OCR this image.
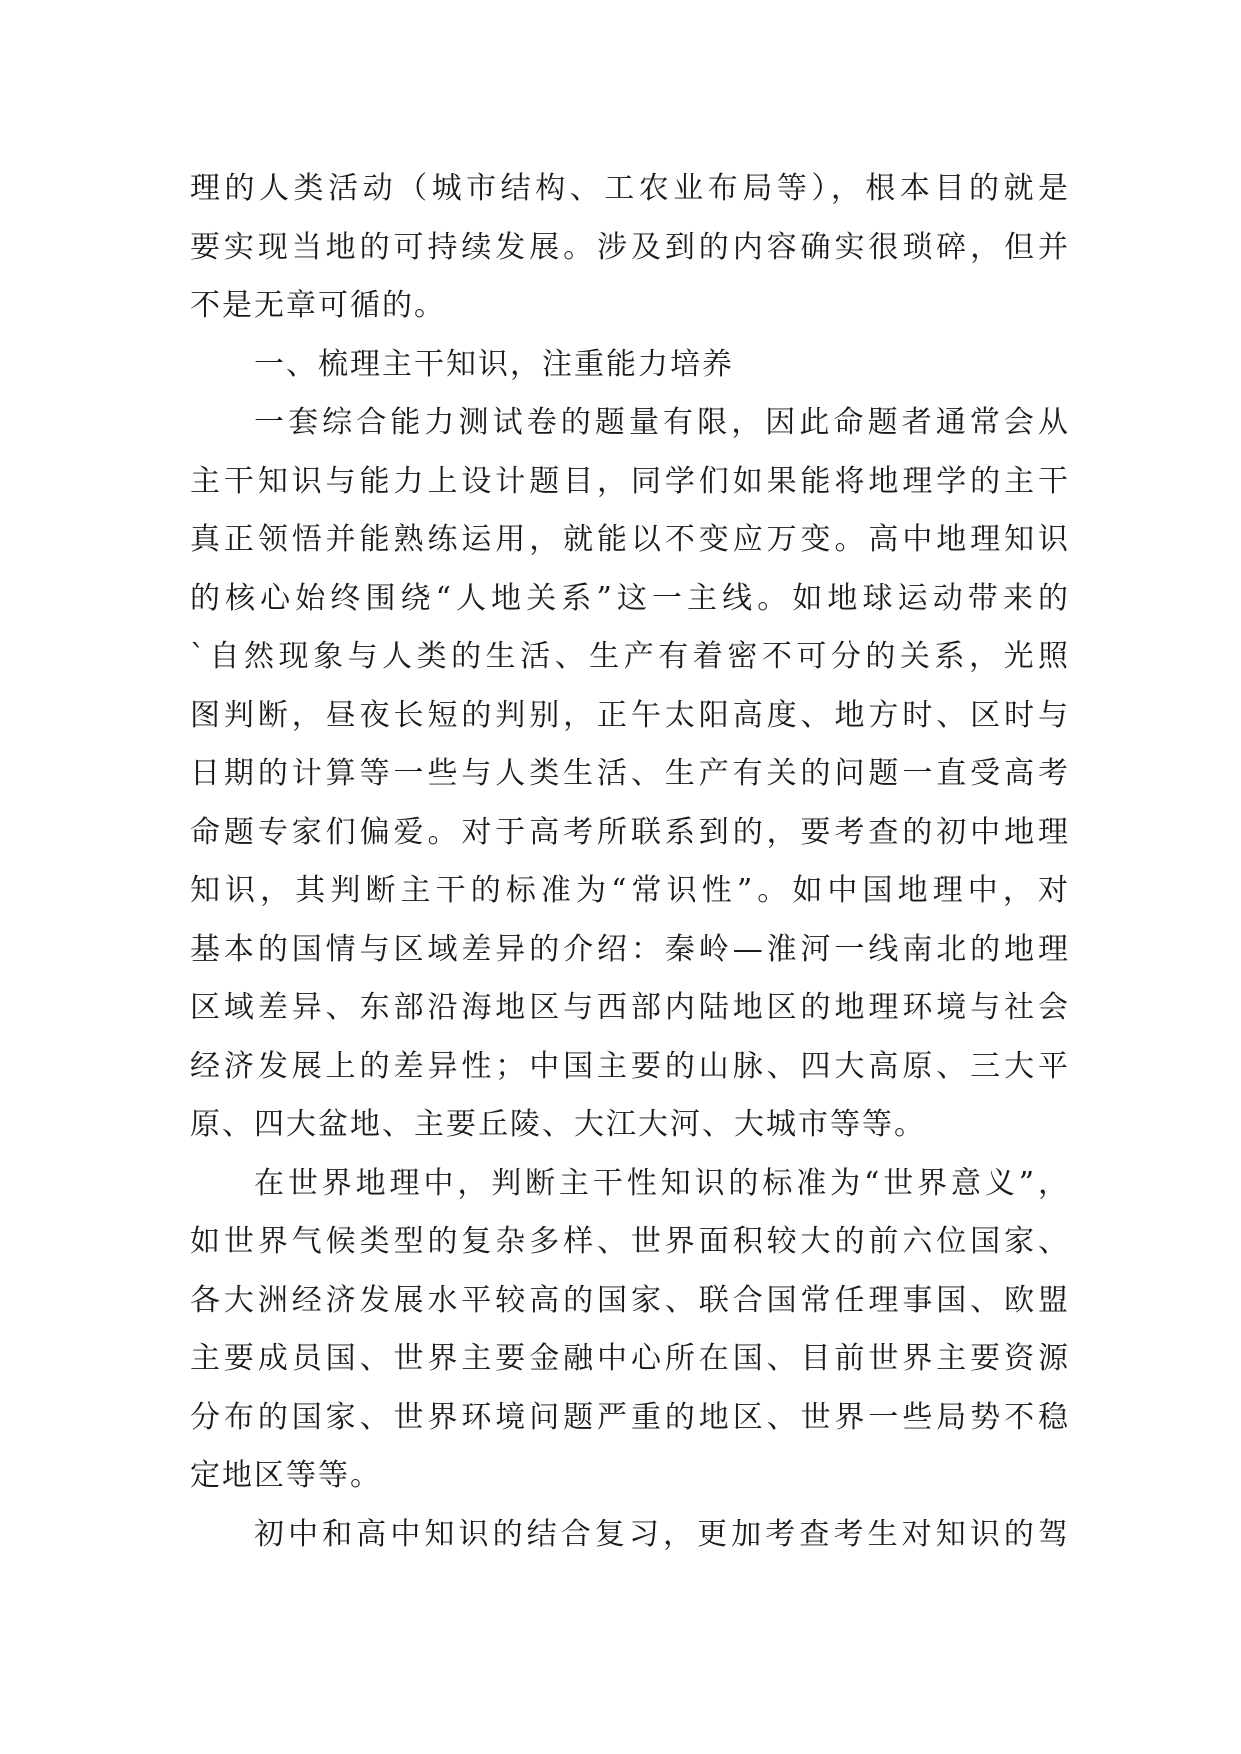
理的人类活动（城市结构、工农业布局等），根本目的就是
要实现当地的可持续发展。涉及到的内容确实很琐碎，但并
不是无章可循的。
一、梳理主干知识，注重能力培养
一套综合能力测试卷的题量有限，因此命题者通常会从
主干知识与能力上设计题目，同学们如果能将地理学的主干
真正领悟并能熟练运用，就能以不变应万变。高中地理知识
的核心始终围绕“人地关系”这一主线。如地球运动带来的
`自然现象与人类的生活、生产有着密不可分的关系，光照
图判断，昼夜长短的判别，正午太阳高度、地方时、区时与
日期的计算等一些与人类生活、生产有关的问题一直受高考
命题专家们偏爱。对于高考所联系到的，要考查的初中地理
知识，其判断主干的标准为“常识性”。如中国地理中，对
基本的国情与区域差异的介绍：秦岭—淮河一线南北的地理
区域差异、东部沿海地区与西部内陆地区的地理环境与社会
经济发展上的差异性；中国主要的山脉、四大高原、三大平
原、四大盆地、主要丘陵、大江大河、大城市等等。
在世界地理中，判断主干性知识的标准为“世界意义”，
如世界气候类型的复杂多样、世界面积较大的前六位国家、
各大洲经济发展水平较高的国家、联合国常任理事国、欧盟
主要成员国、世界主要金融中心所在国、目前世界主要资源
分布的国家、世界环境问题严重的地区、世界一些局势不稳
定地区等等。
初中和高中知识的结合复习，更加考查考生对知识的驾
